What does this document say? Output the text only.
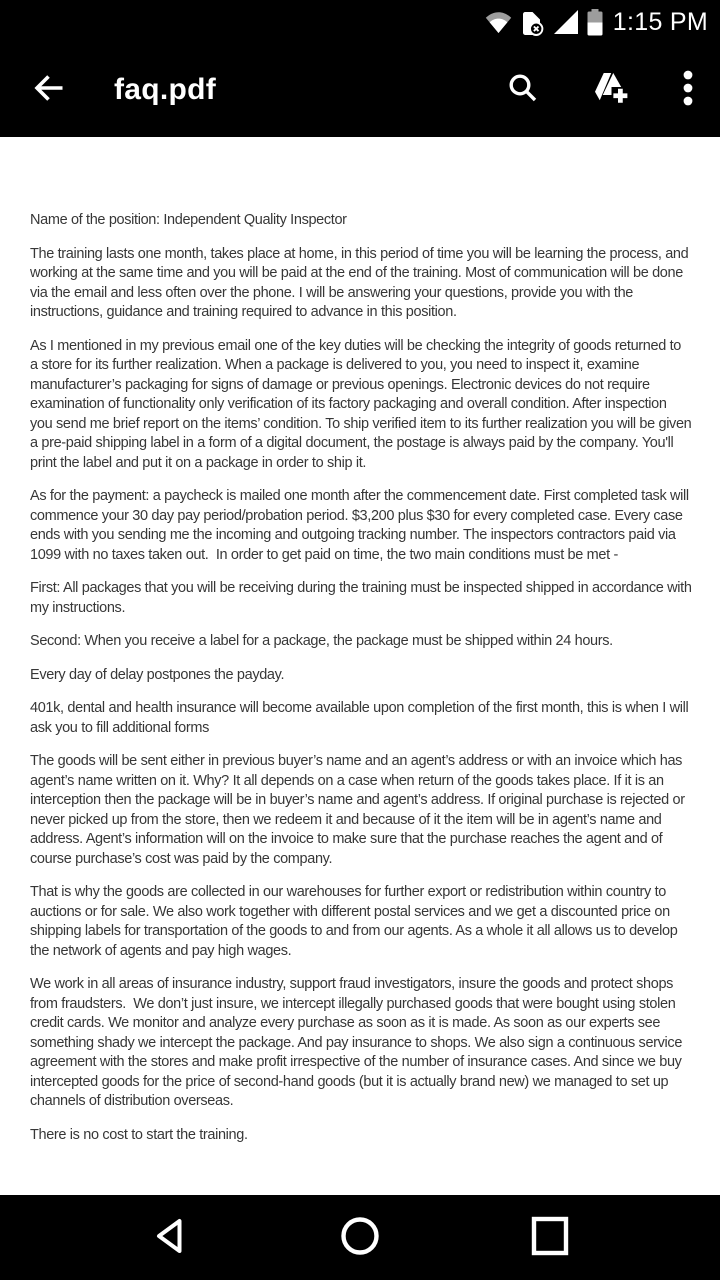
1:15 PM
faq.pdf

Name of the position: Independent Quality Inspector

The training lasts one month, takes place at home, in this period of time you will be learning the process, and working at the same time and you will be paid at the end of the training. Most of communication will be done via the email and less often over the phone. I will be answering your questions, provide you with the instructions, guidance and training required to advance in this position.

As I mentioned in my previous email one of the key duties will be checking the integrity of goods returned to a store for its further realization. When a package is delivered to you, you need to inspect it, examine manufacturer’s packaging for signs of damage or previous openings. Electronic devices do not require examination of functionality only verification of its factory packaging and overall condition. After inspection you send me brief report on the items’ condition. To ship verified item to its further realization you will be given a pre-paid shipping label in a form of a digital document, the postage is always paid by the company. You'll print the label and put it on a package in order to ship it.

As for the payment: a paycheck is mailed one month after the commencement date. First completed task will commence your 30 day pay period/probation period. $3,200 plus $30 for every completed case. Every case ends with you sending me the incoming and outgoing tracking number. The inspectors contractors paid via 1099 with no taxes taken out.  In order to get paid on time, the two main conditions must be met -

First: All packages that you will be receiving during the training must be inspected shipped in accordance with my instructions.

Second: When you receive a label for a package, the package must be shipped within 24 hours.

Every day of delay postpones the payday.

401k, dental and health insurance will become available upon completion of the first month, this is when I will ask you to fill additional forms

The goods will be sent either in previous buyer’s name and an agent’s address or with an invoice which has agent’s name written on it. Why? It all depends on a case when return of the goods takes place. If it is an interception then the package will be in buyer’s name and agent’s address. If original purchase is rejected or never picked up from the store, then we redeem it and because of it the item will be in agent’s name and address. Agent’s information will on the invoice to make sure that the purchase reaches the agent and of course purchase’s cost was paid by the company.

That is why the goods are collected in our warehouses for further export or redistribution within country to auctions or for sale. We also work together with different postal services and we get a discounted price on shipping labels for transportation of the goods to and from our agents. As a whole it all allows us to develop the network of agents and pay high wages.

We work in all areas of insurance industry, support fraud investigators, insure the goods and protect shops from fraudsters.  We don’t just insure, we intercept illegally purchased goods that were bought using stolen credit cards. We monitor and analyze every purchase as soon as it is made. As soon as our experts see something shady we intercept the package. And pay insurance to shops. We also sign a continuous service agreement with the stores and make profit irrespective of the number of insurance cases. And since we buy intercepted goods for the price of second-hand goods (but it is actually brand new) we managed to set up channels of distribution overseas.

There is no cost to start the training.
